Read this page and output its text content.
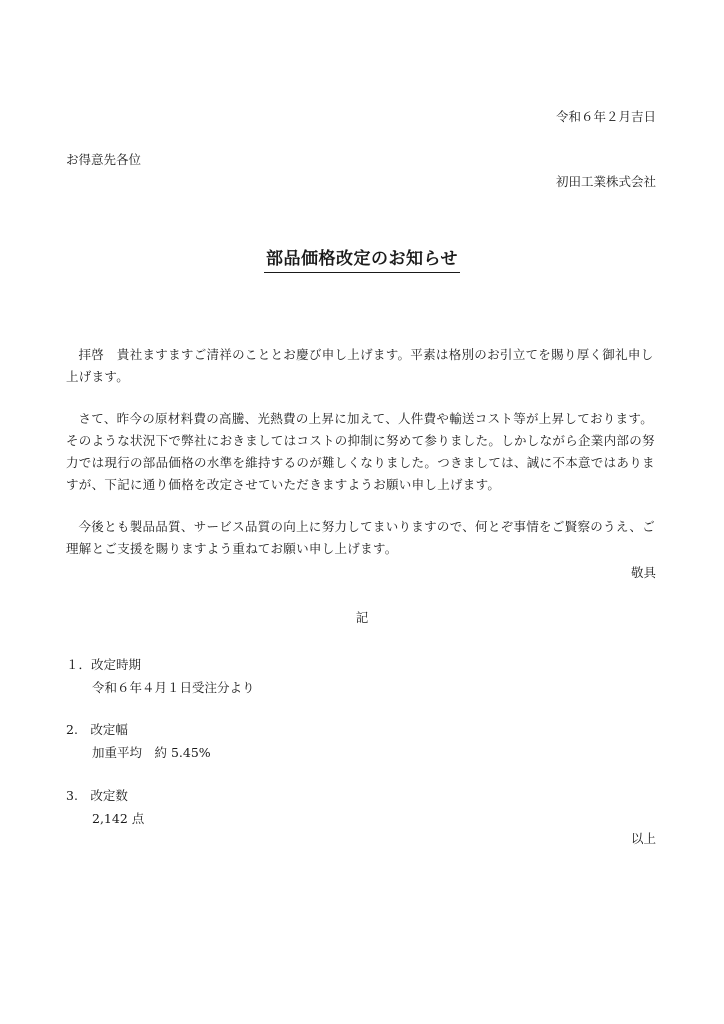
令和６年２月吉日
お得意先各位
初田工業株式会社
部品価格改定のお知らせ
拝啓　貴社ますますご清祥のこととお慶び申し上げます。平素は格別のお引立てを賜り厚く御礼申し上げます。
さて、昨今の原材料費の高騰、光熱費の上昇に加えて、人件費や輸送コスト等が上昇しております。そのような状況下で弊社におきましてはコストの抑制に努めて参りました。しかしながら企業内部の努力では現行の部品価格の水準を維持するのが難しくなりました。つきましては、誠に不本意ではありますが、下記に通り価格を改定させていただきますようお願い申し上げます。
今後とも製品品質、サービス品質の向上に努力してまいりますので、何とぞ事情をご賢察のうえ、ご理解とご支援を賜りますよう重ねてお願い申し上げます。
敬具
記
１．改定時期
令和６年４月１日受注分より
2.　改定幅
加重平均　約 5.45%
3.　改定数
2,142 点
以上
